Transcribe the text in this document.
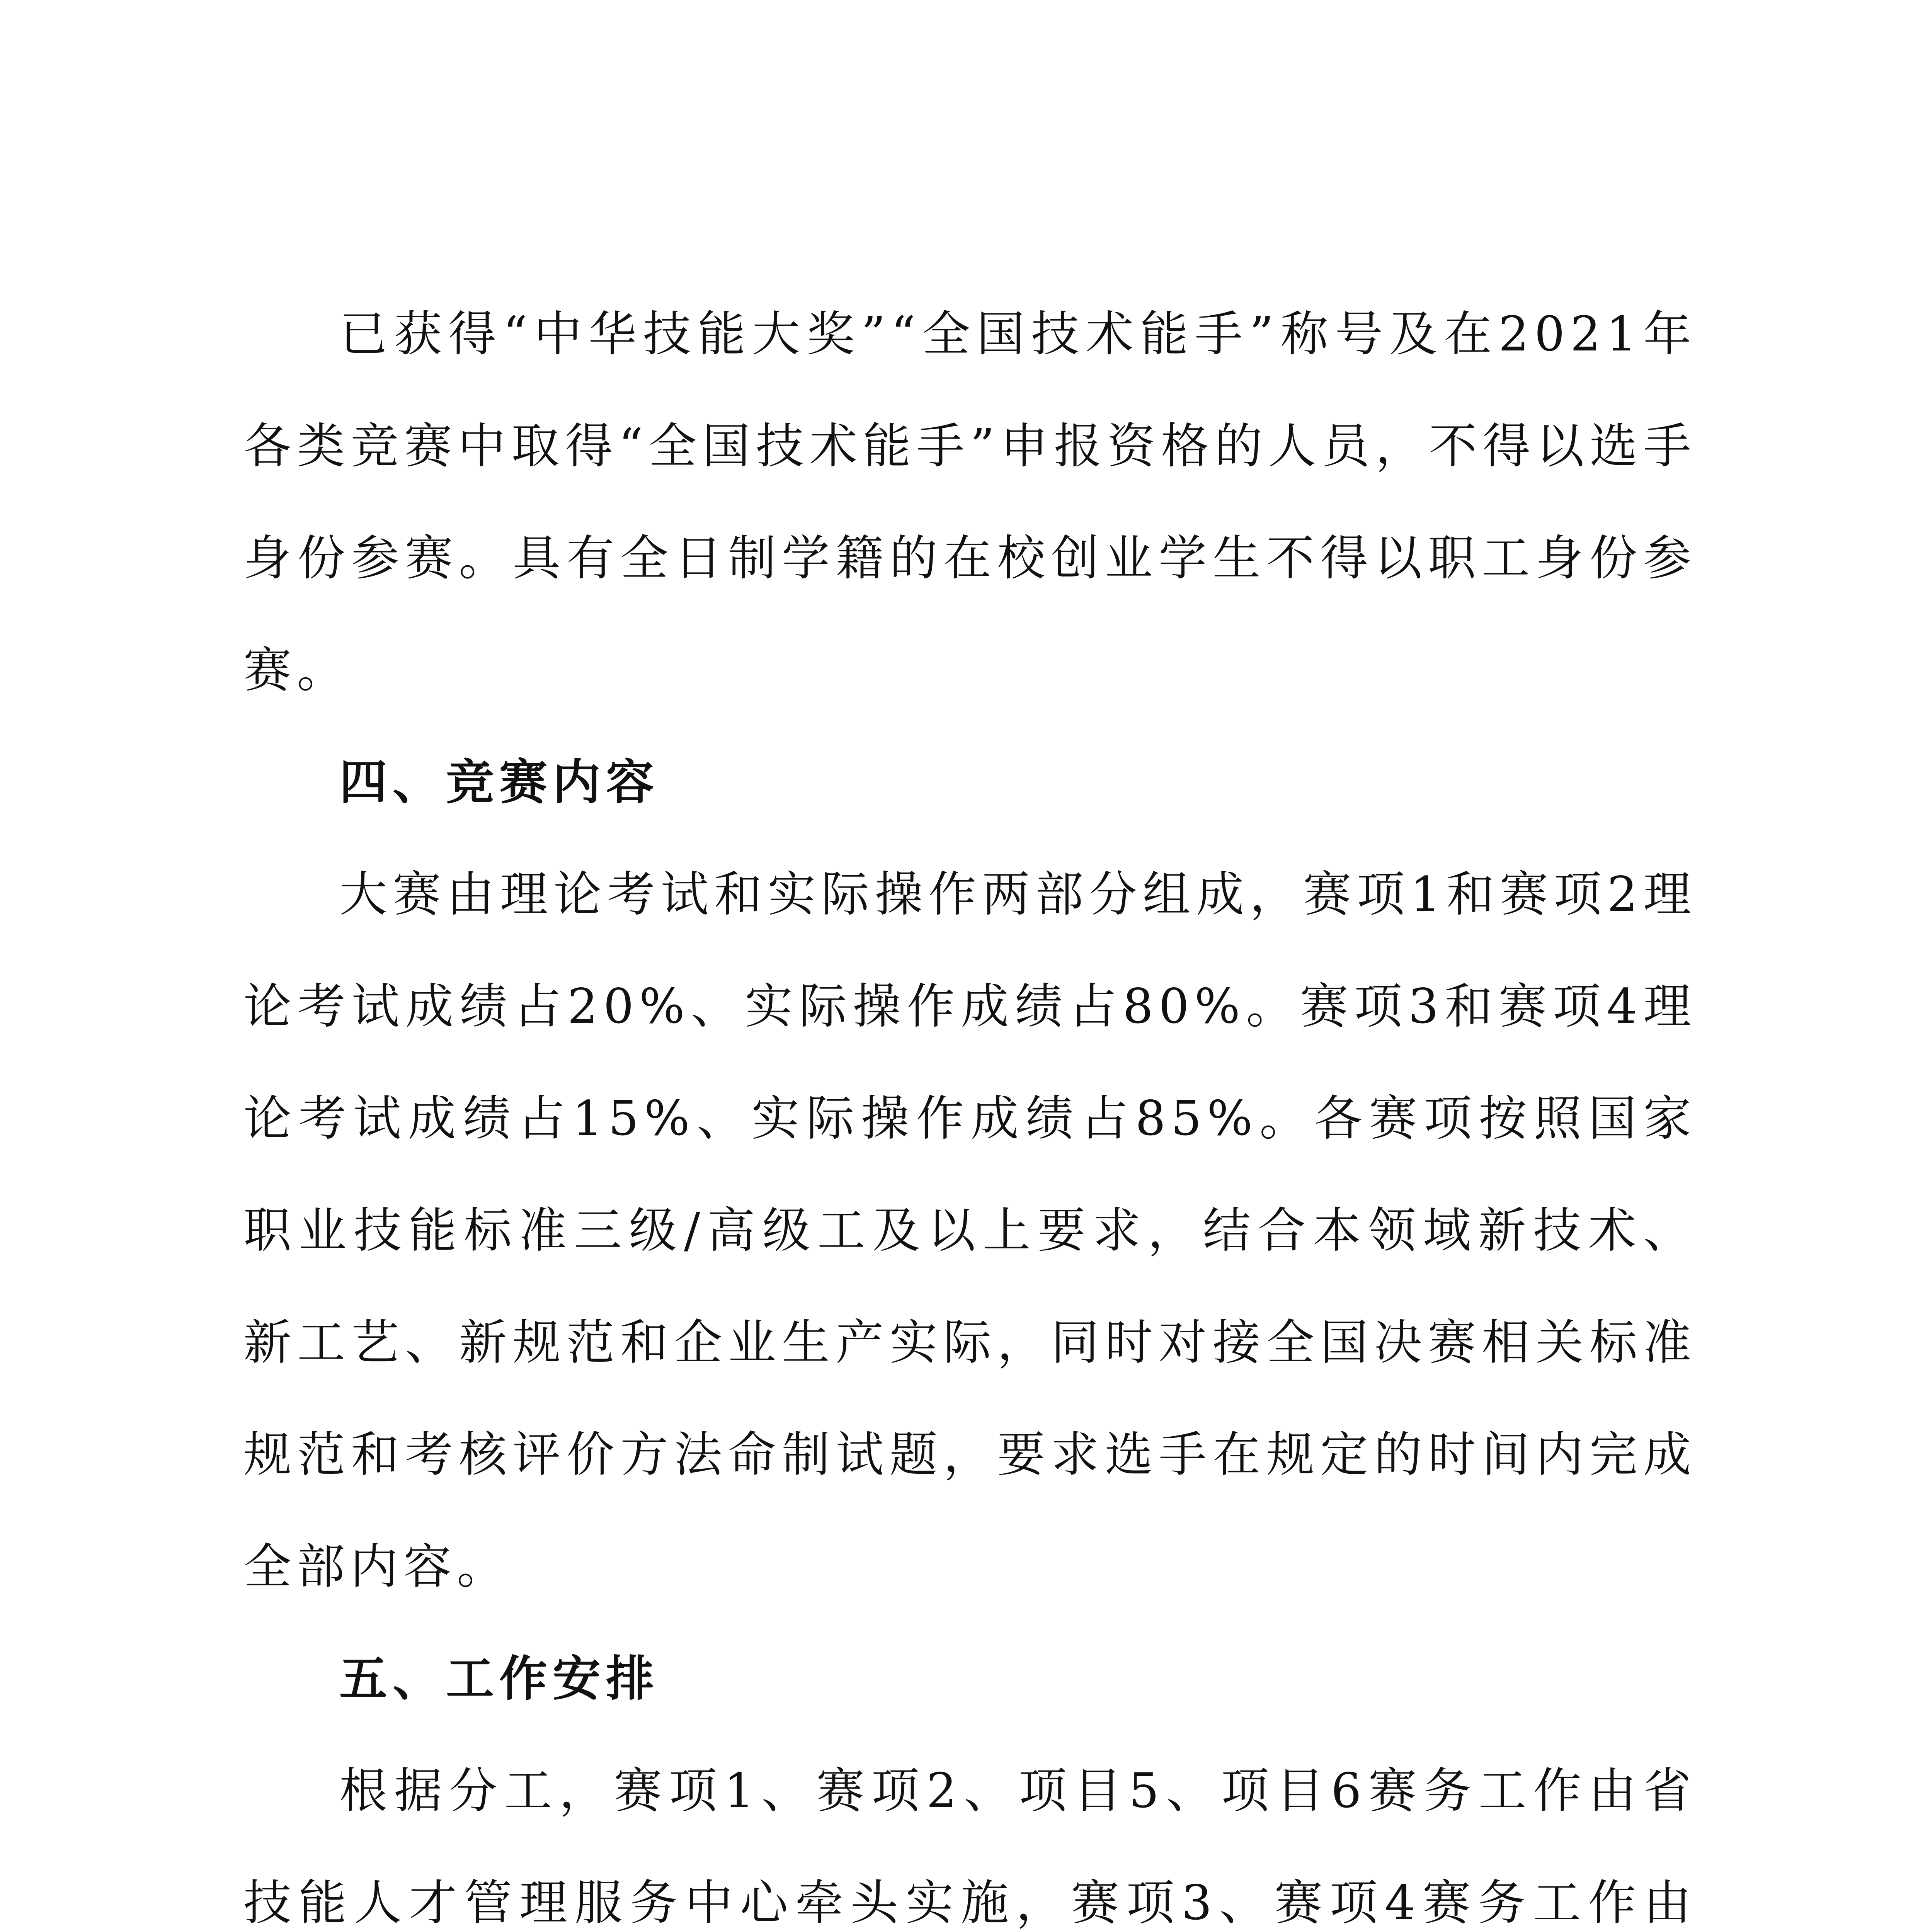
已获得“中华技能大奖”“全国技术能手”称号及在2021年各类竞赛中取得“全国技术能手”申报资格的人员，不得以选手身份参赛。具有全日制学籍的在校创业学生不得以职工身份参赛。

四、竞赛内容

大赛由理论考试和实际操作两部分组成，赛项1和赛项2理论考试成绩占20%、实际操作成绩占80%。赛项3和赛项4理论考试成绩占15%、实际操作成绩占85%。各赛项按照国家职业技能标准三级/高级工及以上要求，结合本领域新技术、新工艺、新规范和企业生产实际，同时对接全国决赛相关标准规范和考核评价方法命制试题，要求选手在规定的时间内完成全部内容。

五、工作安排

根据分工，赛项1、赛项2、项目5、项目6赛务工作由省技能人才管理服务中心牵头实施，赛项3、赛项4赛务工作由
